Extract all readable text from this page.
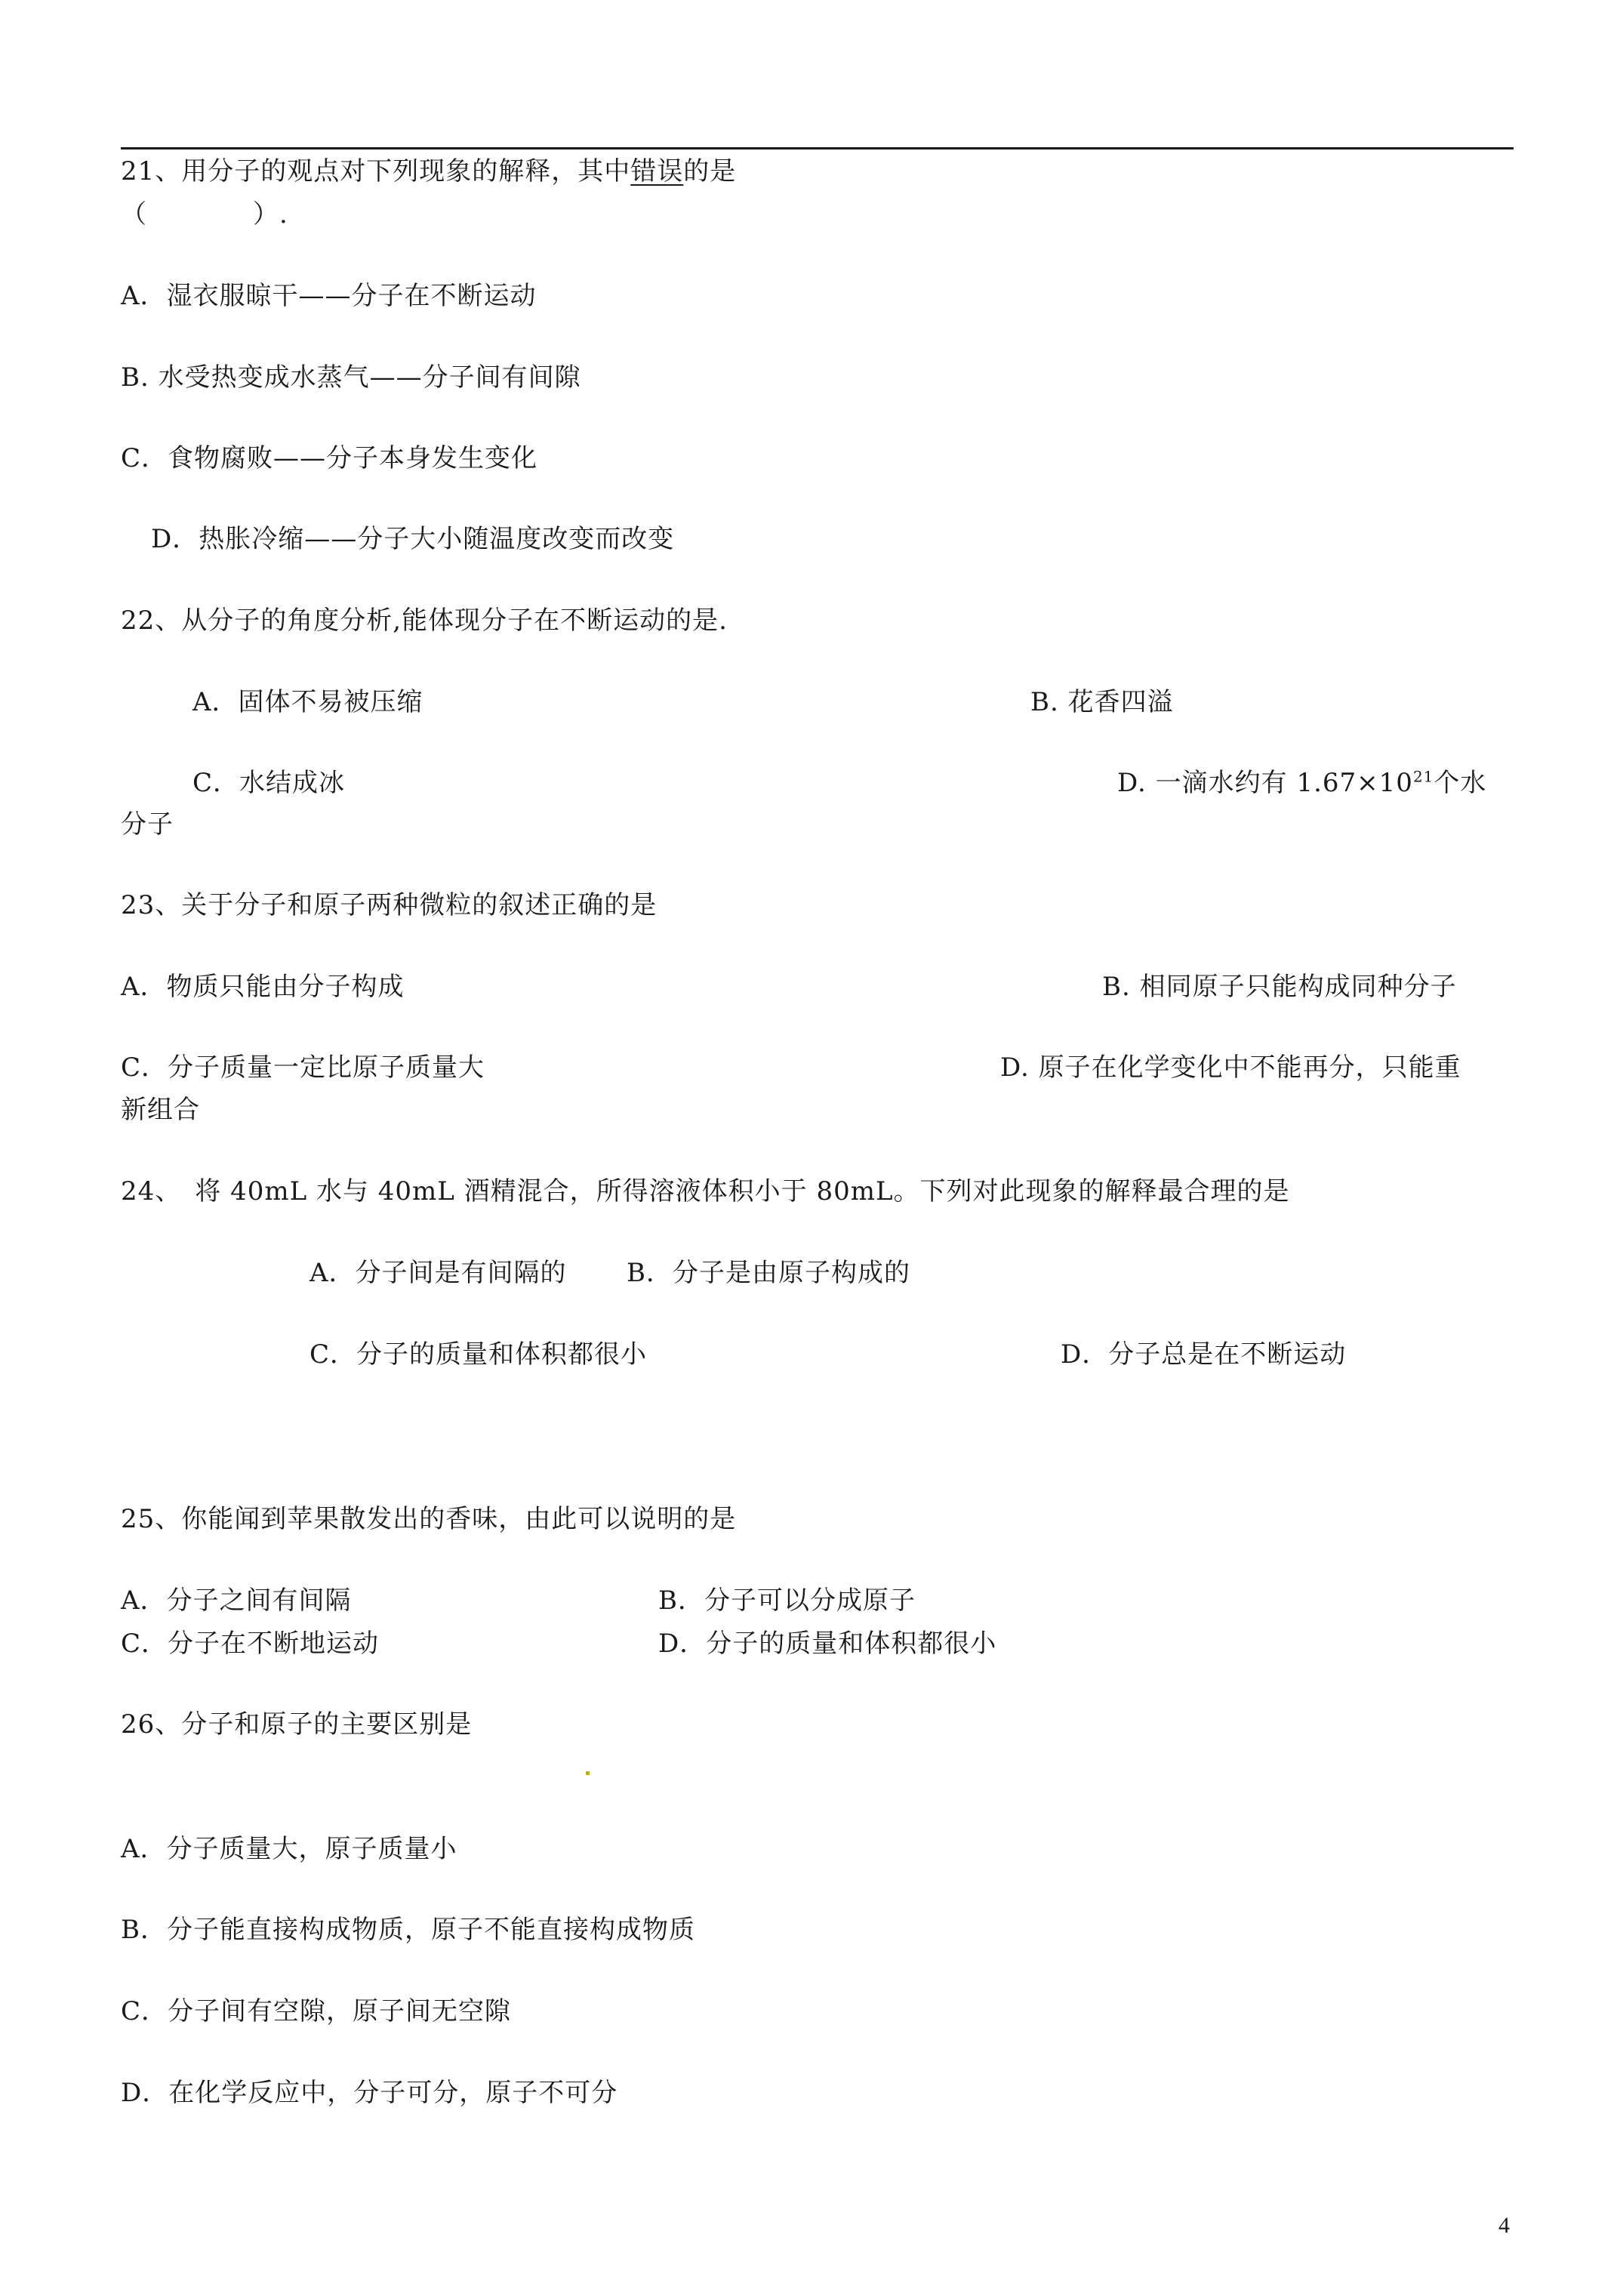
21、用分子的观点对下列现象的解释，其中错误的是
（　　　　）.
A．湿衣服晾干——分子在不断运动
B. 水受热变成水蒸气——分子间有间隙
C．食物腐败——分子本身发生变化
D．热胀冷缩——分子大小随温度改变而改变
22、从分子的角度分析,能体现分子在不断运动的是.
A．固体不易被压缩	B. 花香四溢
C．水结成冰	D. 一滴水约有 $1.67\times 10^{21}$个水
分子
23、关于分子和原子两种微粒的叙述正确的是
A．物质只能由分子构成	B. 相同原子只能构成同种分子
C．分子质量一定比原子质量大	D. 原子在化学变化中不能再分，只能重
新组合
24、　将 40mL 水与 40mL 酒精混合，所得溶液体积小于 80mL。下列对此现象的解释最合理的是
A．分子间是有间隔的 B．分子是由原子构成的
C．分子的质量和体积都很小	D．分子总是在不断运动
25、你能闻到苹果散发出的香味，由此可以说明的是
A．分子之间有间隔	B．分子可以分成原子
C．分子在不断地运动	D．分子的质量和体积都很小
26、分子和原子的主要区别是
A．分子质量大，原子质量小
B．分子能直接构成物质，原子不能直接构成物质
C．分子间有空隙，原子间无空隙
D．在化学反应中，分子可分，原子不可分
4
